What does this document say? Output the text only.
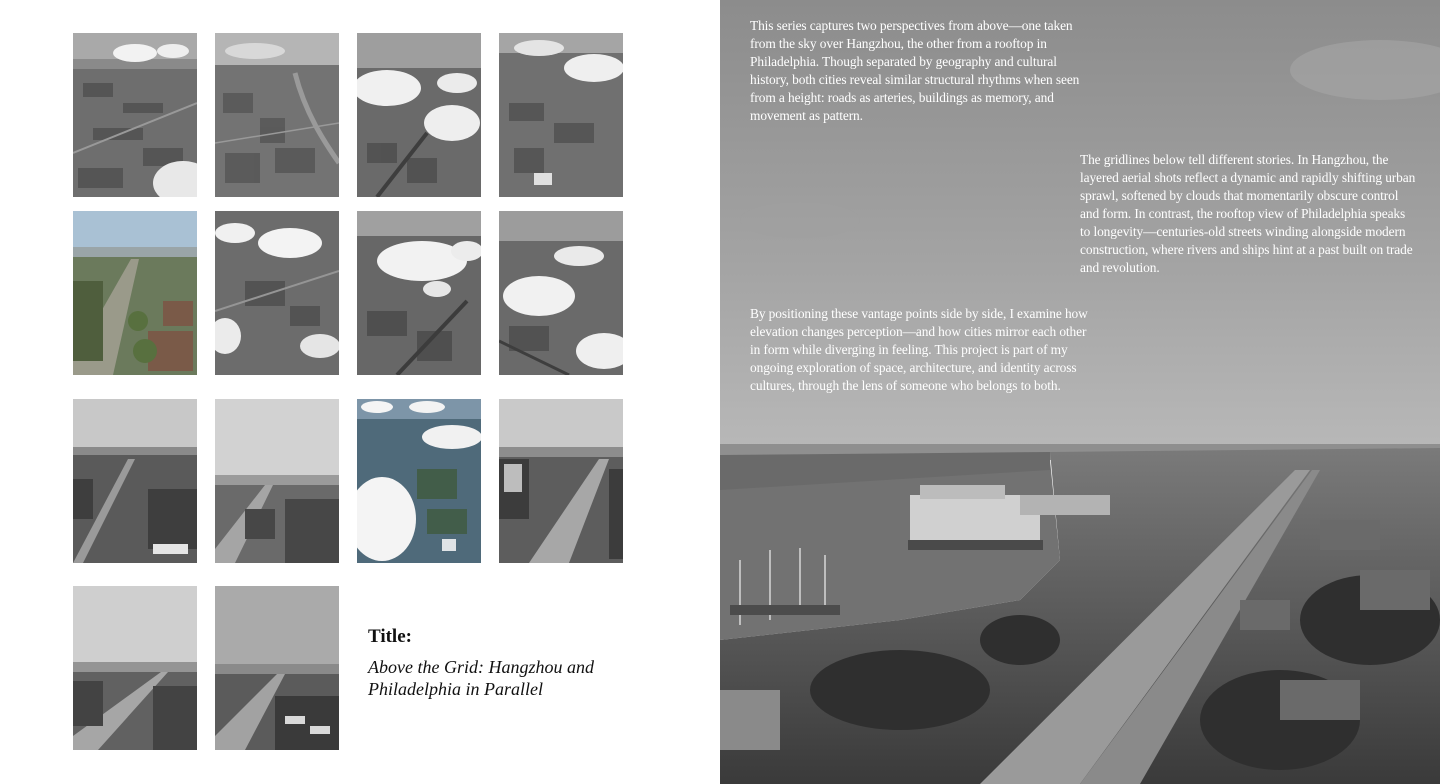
Title:

Above the Grid: Hangzhou and Philadelphia in Parallel

This series captures two perspectives from above—one taken from the sky over Hangzhou, the other from a rooftop in Philadelphia. Though separated by geography and cultural history, both cities reveal similar structural rhythms when seen from a height: roads as arteries, buildings as memory, and movement as pattern.

The gridlines below tell different stories. In Hangzhou, the layered aerial shots reflect a dynamic and rapidly shifting urban sprawl, softened by clouds that momentarily obscure control and form. In contrast, the rooftop view of Philadelphia speaks to longevity—centuries-old streets winding alongside modern construction, where rivers and ships hint at a past built on trade and revolution.

By positioning these vantage points side by side, I examine how elevation changes perception—and how cities mirror each other in form while diverging in feeling. This project is part of my ongoing exploration of space, architecture, and identity across cultures, through the lens of someone who belongs to both.
